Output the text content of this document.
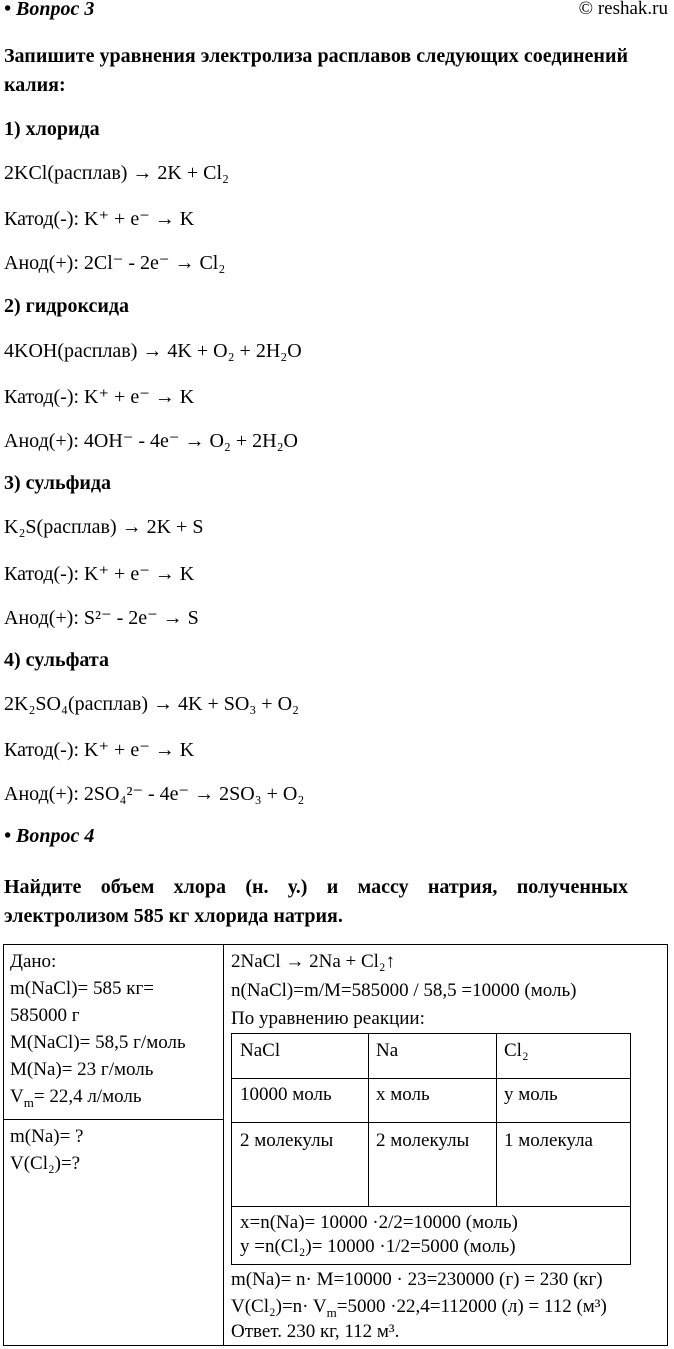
• Вопрос 3	© reshak.ru
Запишите уравнения электролиза расплавов следующих соединений калия:
1) хлорида
2KCl(расплав) → 2K + Cl₂
Катод(-): K⁺ + e⁻ → K
Анод(+): 2Cl⁻ - 2e⁻ → Cl₂
2) гидроксида
4KOH(расплав) → 4K + O₂ + 2H₂O
Катод(-): K⁺ + e⁻ → K
Анод(+): 4OH⁻ - 4e⁻ → O₂ + 2H₂O
3) сульфида
K₂S(расплав) → 2K + S
Катод(-): K⁺ + e⁻ → K
Анод(+): S²⁻ - 2e⁻ → S
4) сульфата
2K₂SO₄(расплав) → 4K + SO₃ + O₂
Катод(-): K⁺ + e⁻ → K
Анод(+): 2SO₄²⁻ - 4e⁻ → 2SO₃ + O₂
• Вопрос 4
Найдите объем хлора (н. у.) и массу натрия, полученных электролизом 585 кг хлорида натрия.
Дано:
m(NaCl)= 585 кг=
585000 г
M(NaCl)= 58,5 г/моль
M(Na)= 23 г/моль
$V_m= 22,4$ л/моль
m(Na)= ?
V(Cl₂)=?
2NaCl → 2Na + Cl₂↑
n(NaCl)=m/M=585000 / 58,5 =10000 (моль)
По уравнению реакции:
NaCl	Na	Cl₂
10000 моль x моль	y моль
2 молекулы 2 молекулы 1 молекула
x=n(Na)= 10000 ·2/2=10000 (моль)
y =n(Cl₂)= 10000 ·1/2=5000 (моль)
m(Na)= n· M=10000 · 23=230000 (г) = 230 (кг)
$V(Cl_2)=n\cdot V_m=5000 \cdot 22,4=112000$ (л) = 112 (м³)
Ответ. 230 кг, 112 м³.
